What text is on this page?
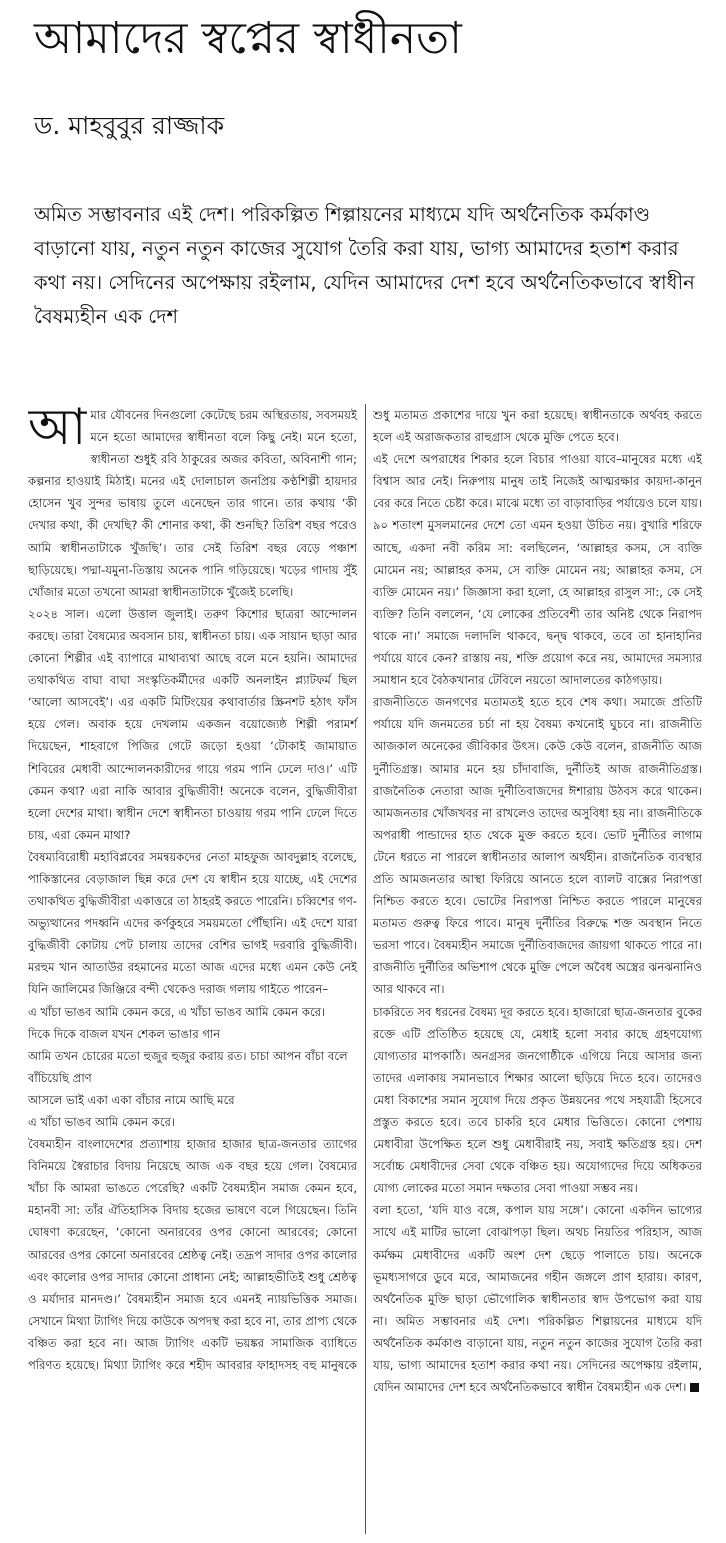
আমাদের স্বপ্নের স্বাধীনতা

ড. মাহবুবুর রাজ্জাক

অমিত সম্ভাবনার এই দেশ। পরিকল্পিত শিল্পায়নের মাধ্যমে যদি অর্থনৈতিক কর্মকাণ্ড বাড়ানো যায়, নতুন নতুন কাজের সুযোগ তৈরি করা যায়, ভাগ্য আমাদের হতাশ করার কথা নয়। সেদিনের অপেক্ষায় রইলাম, যেদিন আমাদের দেশ হবে অর্থনৈতিকভাবে স্বাধীন বৈষম্যহীন এক দেশ

আমার যৌবনের দিনগুলো কেটেছে চরম অস্থিরতায়, সবসময়ই মনে হতো আমাদের স্বাধীনতা বলে কিছু নেই। মনে হতো, স্বাধীনতা শুধুই রবি ঠাকুরের অজর কবিতা, অবিনাশী গান; কল্পনার হাওয়াই মিঠাই। মনের এই দোলাচাল জনপ্রিয় কণ্ঠশিল্পী হায়দার হোসেন খুব সুন্দর ভাষায় তুলে এনেছেন তার গানে। তার কথায় ‘কী দেখার কথা, কী দেখছি? কী শোনার কথা, কী শুনছি? তিরিশ বছর পরেও আমি স্বাধীনতাটাকে খুঁজছি’। তার সেই তিরিশ বছর বেড়ে পঞ্চাশ ছাড়িয়েছে। পদ্মা-যমুনা-তিস্তায় অনেক পানি গড়িয়েছে। খড়ের গাদায় সুঁই খোঁজার মতো তখনো আমরা স্বাধীনতাটাকে খুঁজেই চলেছি।

২০২৪ সাল। এলো উত্তাল জুলাই। তরুণ কিশোর ছাত্ররা আন্দোলন করছে। তারা বৈষম্যের অবসান চায়, স্বাধীনতা চায়। এক সায়ান ছাড়া আর কোনো শিল্পীর এই ব্যাপারে মাথাব্যথা আছে বলে মনে হয়নি। আমাদের তথাকথিত বাঘা বাঘা সংস্কৃতিকর্মীদের একটি অনলাইন প্ল্যাটফর্ম ছিল ‘আলো আসবেই’। এর একটি মিটিংয়ের কথাবার্তার স্ক্রিনশট হঠাৎ ফাঁস হয়ে গেল। অবাক হয়ে দেখলাম একজন বয়োজ্যেষ্ঠ শিল্পী পরামর্শ দিয়েছেন, শাহবাগে পিজির গেটে জড়ো হওয়া ‘টোকাই জামায়াত শিবিরের মেধাবী আন্দোলনকারীদের গায়ে গরম পানি ঢেলে দাও।’ এটি কেমন কথা? এরা নাকি আবার বুদ্ধিজীবী! অনেকে বলেন, বুদ্ধিজীবীরা হলো দেশের মাথা। স্বাধীন দেশে স্বাধীনতা চাওয়ায় গরম পানি ঢেলে দিতে চায়, এরা কেমন মাথা?

বৈষম্যবিরোধী মহাবিপ্লবের সমন্বয়কদের নেতা মাহফুজ আবদুল্লাহ বলেছে, পাকিস্তানের বেড়াজাল ছিন্ন করে দেশ যে স্বাধীন হয়ে যাচ্ছে, এই দেশের তথাকথিত বুদ্ধিজীবীরা একাত্তরে তা ঠাহরই করতে পারেনি। চব্বিশের গণ-অভ্যুত্থানের পদধ্বনি এদের কর্ণকুহরে সময়মতো পৌঁছানি। এই দেশে যারা বুদ্ধিজীবী কোটায় পেট চালায় তাদের বেশির ভাগই দরবারি বুদ্ধিজীবী। মরহুম খান আতাউর রহমানের মতো আজ এদের মধ্যে এমন কেউ নেই যিনি জালিমের জিঞ্জিরে বন্দী থেকেও দরাজ গলায় গাইতে পারেন–

এ খাঁচা ভাঙব আমি কেমন করে, এ খাঁচা ভাঙব আমি কেমন করে।

দিকে দিকে বাজল যখন শেকল ভাঙার গান

আমি তখন চোরের মতো হুজুর হুজুর করায় রত। চাচা আপন বাঁচা বলে বাঁচিয়েছি প্রাণ

আসলে ভাই একা একা বাঁচার নামে আছি মরে

এ খাঁচা ভাঙব আমি কেমন করে।

বৈষম্যহীন বাংলাদেশের প্রত্যাশায় হাজার হাজার ছাত্র-জনতার ত্যাগের বিনিময়ে স্বৈরাচার বিদায় নিয়েছে আজ এক বছর হয়ে গেল। বৈষম্যের খাঁচা কি আমরা ভাঙতে পেরেছি? একটি বৈষম্যহীন সমাজ কেমন হবে, মহানবী সা: তাঁর ঐতিহাসিক বিদায় হজের ভাষণে বলে গিয়েছেন। তিনি ঘোষণা করেছেন, ‘কোনো অনারবের ওপর কোনো আরবের; কোনো আরবের ওপর কোনো অনারবের শ্রেষ্ঠত্ব নেই। তদ্রূপ সাদার ওপর কালোর এবং কালোর ওপর সাদার কোনো প্রাধান্য নেই; আল্লাহভীতিই শুধু শ্রেষ্ঠত্ব ও মর্যাদার মানদণ্ড।’ বৈষম্যহীন সমাজ হবে এমনই ন্যায়ভিত্তিক সমাজ। সেখানে মিথ্যা ট্যাগিং দিয়ে কাউকে অপদস্থ করা হবে না, তার প্রাপ্য থেকে বঞ্চিত করা হবে না। আজ ট্যাগিং একটি ভয়ঙ্কর সামাজিক ব্যাধিতে পরিণত হয়েছে। মিথ্যা ট্যাগিং করে শহীদ আবরার ফাহাদসহ বহু মানুষকে শুধু মতামত প্রকাশের দায়ে খুন করা হয়েছে। স্বাধীনতাকে অর্থবহ করতে হলে এই অরাজকতার রাহুগ্রাস থেকে মুক্তি পেতে হবে।

এই দেশে অপরাধের শিকার হলে বিচার পাওয়া যাবে–মানুষের মধ্যে এই বিশ্বাস আর নেই। নিরুপায় মানুষ তাই নিজেই আত্মরক্ষার কায়দা-কানুন বের করে নিতে চেষ্টা করে। মাঝে মধ্যে তা বাড়াবাড়ির পর্যায়েও চলে যায়। ৯০ শতাংশ মুসলমানের দেশে তো এমন হওয়া উচিত নয়। বুখারি শরিফে আছে, একদা নবী করিম সা: বলছিলেন, ‘আল্লাহর কসম, সে ব্যক্তি মোমেন নয়; আল্লাহর কসম, সে ব্যক্তি মোমেন নয়; আল্লাহর কসম, সে ব্যক্তি মোমেন নয়।’ জিজ্ঞাসা করা হলো, হে আল্লাহর রাসুল সা:, কে সেই ব্যক্তি? তিনি বললেন, ‘যে লোকের প্রতিবেশী তার অনিষ্ট থেকে নিরাপদ থাকে না।’ সমাজে দলাদলি থাকবে, দ্বন্দ্ব থাকবে, তবে তা হানাহানির পর্যায়ে যাবে কেন? রাস্তায় নয়, শক্তি প্রয়োগ করে নয়, আমাদের সমস্যার সমাধান হবে বৈঠকখানার টেবিলে নয়তো আদালতের কাঠগড়ায়।

রাজনীতিতে জনগণের মতামতই হতে হবে শেষ কথা। সমাজে প্রতিটি পর্যায়ে যদি জনমতের চর্চা না হয় বৈষম্য কখনোই ঘুচবে না। রাজনীতি আজকাল অনেকের জীবিকার উৎস। কেউ কেউ বলেন, রাজনীতি আজ দুর্নীতিগ্রস্ত। আমার মনে হয় চাঁদাবাজি, দুর্নীতিই আজ রাজনীতিগ্রস্ত। রাজনৈতিক নেতারা আজ দুর্নীতিবাজদের ঈশারায় উঠবস করে থাকেন। আমজনতার খোঁজখবর না রাখলেও তাদের অসুবিধা হয় না। রাজনীতিকে অপরাধী পান্ডাদের হাত থেকে মুক্ত করতে হবে। ভোট দুর্নীতির লাগাম টেনে ধরতে না পারলে স্বাধীনতার আলাপ অর্থহীন। রাজনৈতিক ব্যবস্থার প্রতি আমজনতার আস্থা ফিরিয়ে আনতে হলে ব্যালট বাক্সের নিরাপত্তা নিশ্চিত করতে হবে। ভোটের নিরাপত্তা নিশ্চিত করতে পারলে মানুষের মতামত গুরুত্ব ফিরে পাবে। মানুষ দুর্নীতির বিরুদ্ধে শক্ত অবস্থান নিতে ভরসা পাবে। বৈষম্যহীন সমাজে দুর্নীতিবাজদের জায়গা থাকতে পারে না। রাজনীতি দুর্নীতির অভিশাপ থেকে মুক্তি পেলে অবৈধ অস্ত্রের ঝনঝনানিও আর থাকবে না।

চাকরিতে সব ধরনের বৈষম্য দূর করতে হবে। হাজারো ছাত্র-জনতার বুকের রক্তে এটি প্রতিষ্ঠিত হয়েছে যে, মেধাই হলো সবার কাছে গ্রহণযোগ্য যোগ্যতার মাপকাঠি। অনগ্রসর জনগোষ্ঠীকে এগিয়ে নিয়ে আসার জন্য তাদের এলাকায় সমানভাবে শিক্ষার আলো ছড়িয়ে দিতে হবে। তাদেরও মেধা বিকাশের সমান সুযোগ দিয়ে প্রকৃত উন্নয়নের পথে সহযাত্রী হিসেবে প্রস্তুত করতে হবে। তবে চাকরি হবে মেধার ভিত্তিতে। কোনো পেশায় মেধাবীরা উপেক্ষিত হলে শুধু মেধাবীরাই নয়, সবাই ক্ষতিগ্রস্ত হয়। দেশ সর্বোচ্চ মেধাবীদের সেবা থেকে বঞ্চিত হয়। অযোগ্যদের দিয়ে অধিকতর যোগ্য লোকের মতো সমান দক্ষতার সেবা পাওয়া সম্ভব নয়।

বলা হতো, ‘যদি যাও বঙ্গে, কপাল যায় সঙ্গে’। কোনো একদিন ভাগ্যের সাথে এই মাটির ভালো বোঝাপড়া ছিল। অথচ নিয়তির পরিহাস, আজ কর্মক্ষম মেধাবীদের একটি অংশ দেশ ছেড়ে পালাতে চায়। অনেকে ভূমধ্যসাগরে ডুবে মরে, আমাজনের গহীন জঙ্গলে প্রাণ হারায়। কারণ, অর্থনৈতিক মুক্তি ছাড়া ভৌগোলিক স্বাধীনতার স্বাদ উপভোগ করা যায় না। অমিত সম্ভাবনার এই দেশ। পরিকল্পিত শিল্পায়নের মাধ্যমে যদি অর্থনৈতিক কর্মকাণ্ড বাড়ানো যায়, নতুন নতুন কাজের সুযোগ তৈরি করা যায়, ভাগ্য আমাদের হতাশ করার কথা নয়। সেদিনের অপেক্ষায় রইলাম, যেদিন আমাদের দেশ হবে অর্থনৈতিকভাবে স্বাধীন বৈষম্যহীন এক দেশ।
